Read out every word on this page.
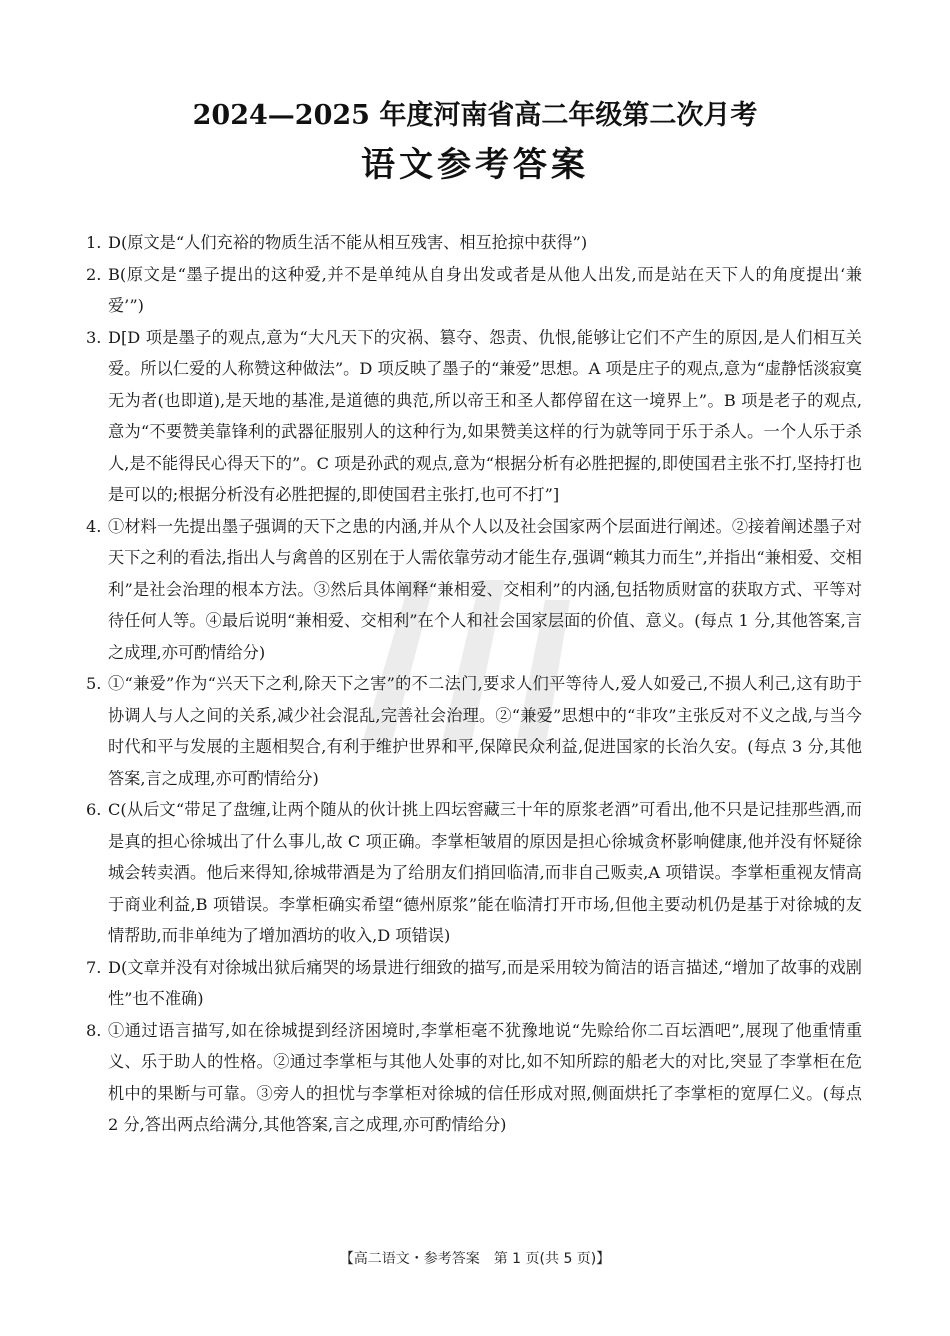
2024—2025 年度河南省高二年级第二次月考
语文参考答案

1. D(原文是“人们充裕的物质生活不能从相互残害、相互抢掠中获得”)

2. B(原文是“墨子提出的这种爱,并不是单纯从自身出发或者是从他人出发,而是站在天下人的角度提出‘兼爱’”)

3. D[D 项是墨子的观点,意为“大凡天下的灾祸、篡夺、怨责、仇恨,能够让它们不产生的原因,是人们相互关爱。所以仁爱的人称赞这种做法”。D 项反映了墨子的“兼爱”思想。A 项是庄子的观点,意为“虚静恬淡寂寞无为者(也即道),是天地的基准,是道德的典范,所以帝王和圣人都停留在这一境界上”。B 项是老子的观点,意为“不要赞美靠锋利的武器征服别人的这种行为,如果赞美这样的行为就等同于乐于杀人。一个人乐于杀人,是不能得民心得天下的”。C 项是孙武的观点,意为“根据分析有必胜把握的,即使国君主张不打,坚持打也是可以的;根据分析没有必胜把握的,即使国君主张打,也可不打”]

4. ①材料一先提出墨子强调的天下之患的内涵,并从个人以及社会国家两个层面进行阐述。②接着阐述墨子对天下之利的看法,指出人与禽兽的区别在于人需依靠劳动才能生存,强调“赖其力而生”,并指出“兼相爱、交相利”是社会治理的根本方法。③然后具体阐释“兼相爱、交相利”的内涵,包括物质财富的获取方式、平等对待任何人等。④最后说明“兼相爱、交相利”在个人和社会国家层面的价值、意义。(每点 1 分,其他答案,言之成理,亦可酌情给分)

5. ①“兼爱”作为“兴天下之利,除天下之害”的不二法门,要求人们平等待人,爱人如爱己,不损人利己,这有助于协调人与人之间的关系,减少社会混乱,完善社会治理。②“兼爱”思想中的“非攻”主张反对不义之战,与当今时代和平与发展的主题相契合,有利于维护世界和平,保障民众利益,促进国家的长治久安。(每点 3 分,其他答案,言之成理,亦可酌情给分)

6. C(从后文“带足了盘缠,让两个随从的伙计挑上四坛窖藏三十年的原浆老酒”可看出,他不只是记挂那些酒,而是真的担心徐城出了什么事儿,故 C 项正确。李掌柜皱眉的原因是担心徐城贪杯影响健康,他并没有怀疑徐城会转卖酒。他后来得知,徐城带酒是为了给朋友们捎回临清,而非自己贩卖,A 项错误。李掌柜重视友情高于商业利益,B 项错误。李掌柜确实希望“德州原浆”能在临清打开市场,但他主要动机仍是基于对徐城的友情帮助,而非单纯为了增加酒坊的收入,D 项错误)

7. D(文章并没有对徐城出狱后痛哭的场景进行细致的描写,而是采用较为简洁的语言描述,“增加了故事的戏剧性”也不准确)

8. ①通过语言描写,如在徐城提到经济困境时,李掌柜毫不犹豫地说“先赊给你二百坛酒吧”,展现了他重情重义、乐于助人的性格。②通过李掌柜与其他人处事的对比,如不知所踪的船老大的对比,突显了李掌柜在危机中的果断与可靠。③旁人的担忧与李掌柜对徐城的信任形成对照,侧面烘托了李掌柜的宽厚仁义。(每点 2 分,答出两点给满分,其他答案,言之成理,亦可酌情给分)

【高二语文・参考答案　第 1 页(共 5 页)】
